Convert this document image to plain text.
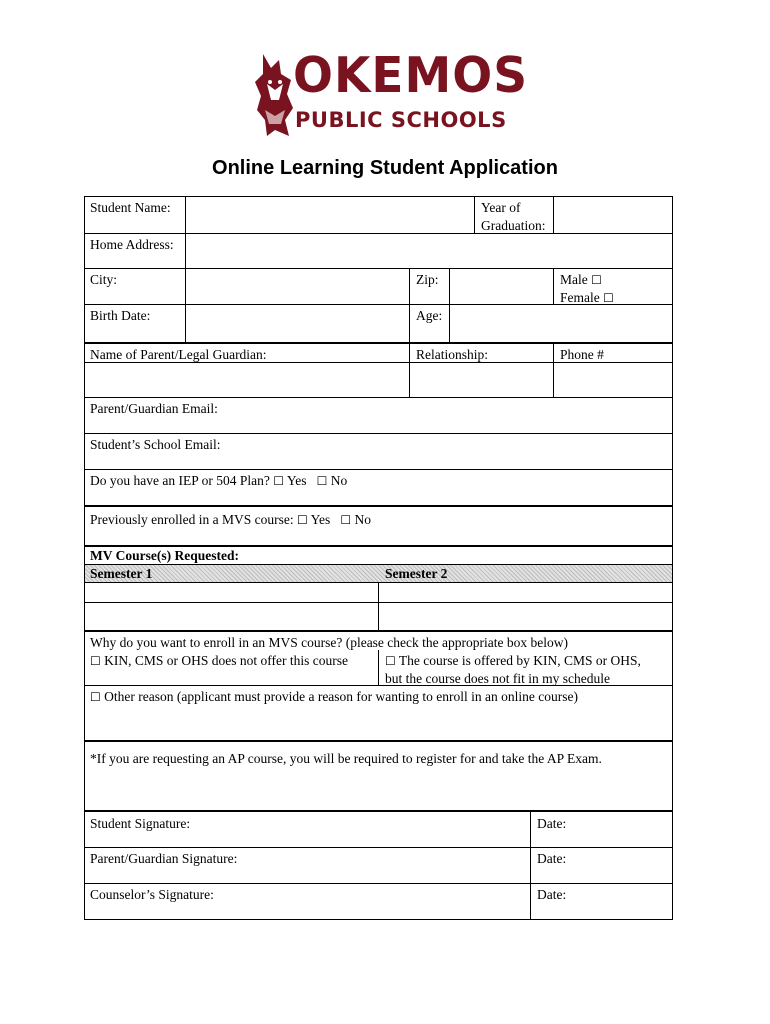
OKEMOS
PUBLIC SCHOOLS
Online Learning Student Application
Student Name:	Year of
Graduation:
Home Address:
City:	Zip:	Male ☐
Female ☐
Birth Date:	Age:
Name of Parent/Legal Guardian:	Relationship:	Phone #
Parent/Guardian Email:
Student’s School Email:
Do you have an IEP or 504 Plan? ☐ Yes ☐ No
Previously enrolled in a MVS course: ☐ Yes ☐ No
MV Course(s) Requested:
Semester 1	Semester 2
Why do you want to enroll in an MVS course? (please check the appropriate box below)
☐ KIN, CMS or OHS does not offer this course	☐ The course is offered by KIN, CMS or OHS,
but the course does not fit in my schedule
☐ Other reason (applicant must provide a reason for wanting to enroll in an online course)
*If you are requesting an AP course, you will be required to register for and take the AP Exam.
Student Signature:	Date:
Parent/Guardian Signature:	Date:
Counselor’s Signature:	Date:
